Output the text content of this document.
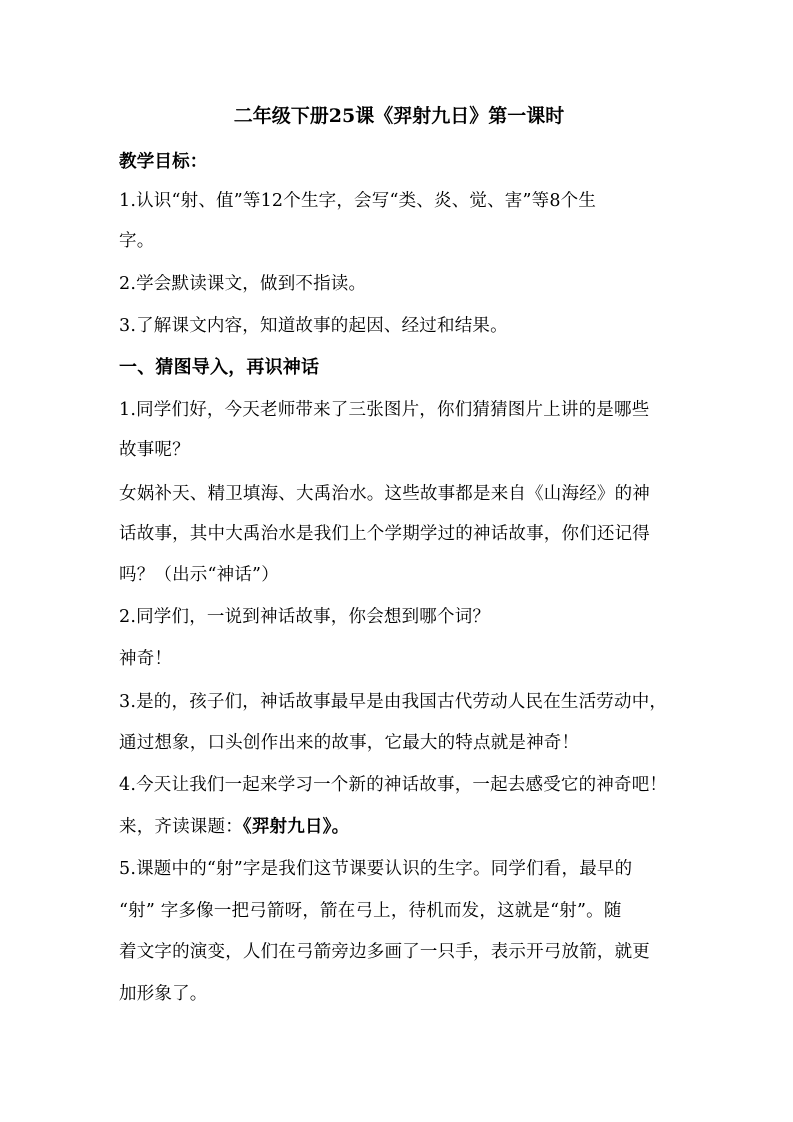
二年级下册25课《羿射九日》第一课时
教学目标：
1.认识“射、值”等12个生字，会写“类、炎、觉、害”等8个生
字。
2.学会默读课文，做到不指读。
3.了解课文内容，知道故事的起因、经过和结果。
一、猜图导入，再识神话
1.同学们好，今天老师带来了三张图片，你们猜猜图片上讲的是哪些
故事呢？
女娲补天、精卫填海、大禹治水。这些故事都是来自《山海经》的神
话故事，其中大禹治水是我们上个学期学过的神话故事，你们还记得
吗？（出示“神话”）
2.同学们，一说到神话故事，你会想到哪个词？
神奇！
3.是的，孩子们，神话故事最早是由我国古代劳动人民在生活劳动中，
通过想象，口头创作出来的故事，它最大的特点就是神奇！
4.今天让我们一起来学习一个新的神话故事，一起去感受它的神奇吧！
来，齐读课题：《羿射九日》。
5.课题中的“射”字是我们这节课要认识的生字。同学们看，最早的
“射” 字多像一把弓箭呀，箭在弓上，待机而发，这就是“射”。随
着文字的演变，人们在弓箭旁边多画了一只手，表示开弓放箭，就更
加形象了。
